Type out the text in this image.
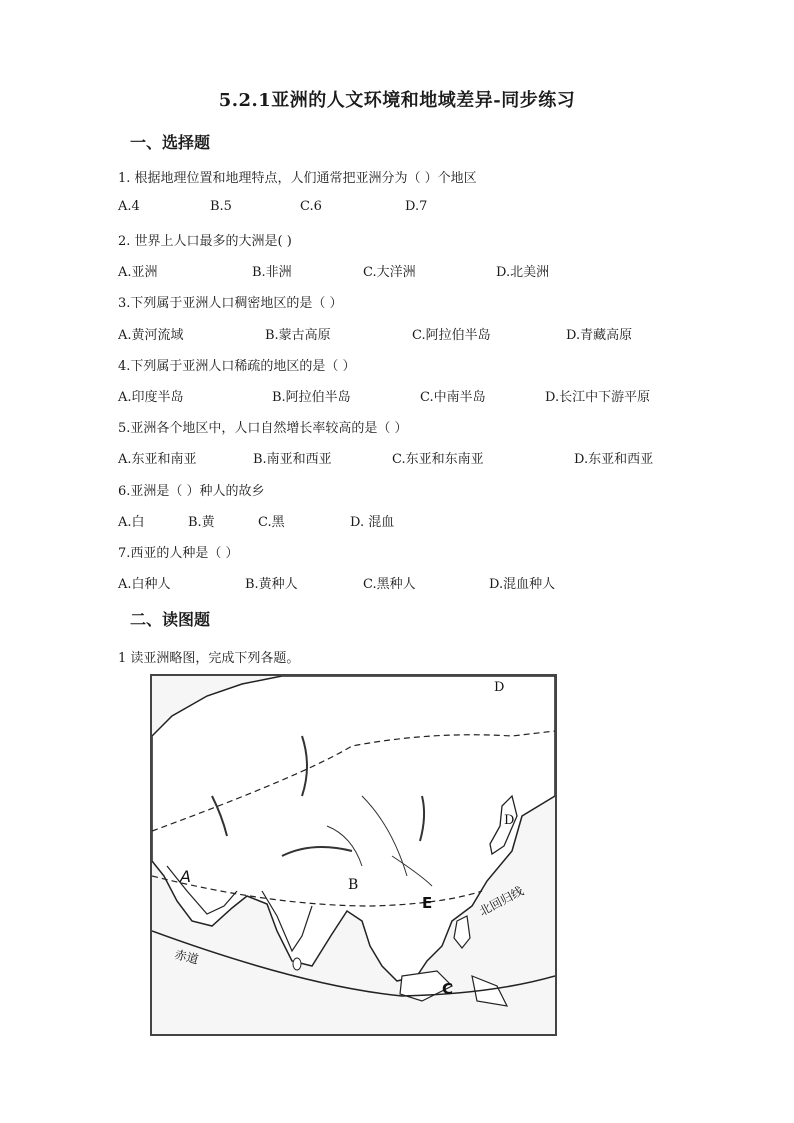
5.2.1亚洲的人文环境和地域差异-同步练习
一、选择题
1. 根据地理位置和地理特点，人们通常把亚洲分为（ ）个地区
A.4	B.5	C.6	D.7
2. 世界上人口最多的大洲是( )
A.亚洲	B.非洲	C.大洋洲	D.北美洲
3.下列属于亚洲人口稠密地区的是（ ）
A.黄河流域	B.蒙古高原	C.阿拉伯半岛	D.青藏高原
4.下列属于亚洲人口稀疏的地区的是（ ）
A.印度半岛	B.阿拉伯半岛	C.中南半岛	D.长江中下游平原
5.亚洲各个地区中，人口自然增长率较高的是（ ）
A.东亚和南亚	B.南亚和西亚	C.东亚和东南亚	D.东亚和西亚
6.亚洲是（ ）种人的故乡
A.白	B.黄	C.黑	D. 混血
7.西亚的人种是（ ）
A.白种人	B.黄种人	C.黑种人	D.混血种人
二、读图题
1 读亚洲略图，完成下列各题。
A	B
C
D
D
E
赤道
北回归线
